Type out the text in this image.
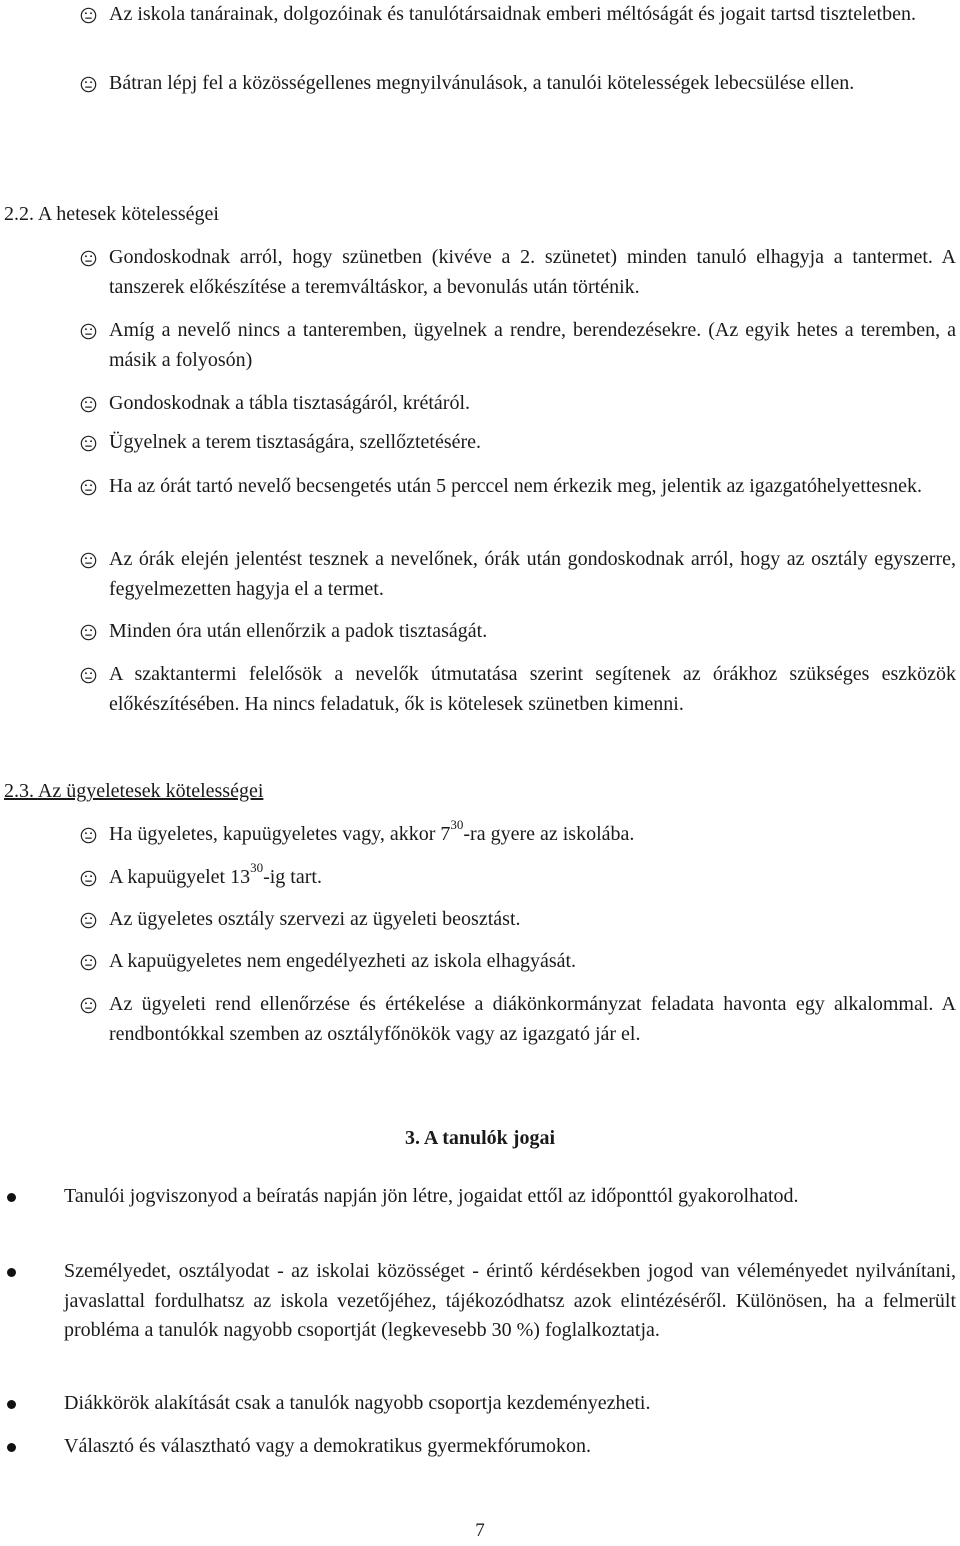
Az iskola tanárainak, dolgozóinak és tanulótársaidnak emberi méltóságát és jogait tartsd tiszteletben.
Bátran lépj fel a közösségellenes megnyilvánulások, a tanulói kötelességek lebecsülése ellen.
2.2. A hetesek kötelességei
Gondoskodnak arról, hogy szünetben (kivéve a 2. szünetet) minden tanuló elhagyja a tantermet. A tanszerek előkészítése a teremváltáskor, a bevonulás után történik.
Amíg a nevelő nincs a tanteremben, ügyelnek a rendre, berendezésekre. (Az egyik hetes a teremben, a másik a folyosón)
Gondoskodnak a tábla tisztaságáról, krétáról.
Ügyelnek a terem tisztaságára, szellőztetésére.
Ha az órát tartó nevelő becsengetés után 5 perccel nem érkezik meg, jelentik az igazgatóhelyettesnek.
Az órák elején jelentést tesznek a nevelőnek, órák után gondoskodnak arról, hogy az osztály egyszerre, fegyelmezetten hagyja el a termet.
Minden óra után ellenőrzik a padok tisztaságát.
A szaktantermi felelősök a nevelők útmutatása szerint segítenek az órákhoz szükséges eszközök előkészítésében. Ha nincs feladatuk, ők is kötelesek szünetben kimenni.
2.3. Az ügyeletesek kötelességei
Ha ügyeletes, kapuügyeletes vagy, akkor $7^{30}-ra$ gyere az iskolába.
A kapuügyelet $13^{30}-ig$ tart.
Az ügyeletes osztály szervezi az ügyeleti beosztást.
A kapuügyeletes nem engedélyezheti az iskola elhagyását.
Az ügyeleti rend ellenőrzése és értékelése a diákönkormányzat feladata havonta egy alkalommal. A rendbontókkal szemben az osztályfőnökök vagy az igazgató jár el.
3. A tanulók jogai
Tanulói jogviszonyod a beíratás napján jön létre, jogaidat ettől az időponttól gyakorolhatod.
Személyedet, osztályodat - az iskolai közösséget - érintő kérdésekben jogod van véleményedet nyilvánítani, javaslattal fordulhatsz az iskola vezetőjéhez, tájékozódhatsz azok elintézéséről. Különösen, ha a felmerült probléma a tanulók nagyobb csoportját (legkevesebb 30 %) foglalkoztatja.
Diákkörök alakítását csak a tanulók nagyobb csoportja kezdeményezheti.
Választó és választható vagy a demokratikus gyermekfórumokon.
7
